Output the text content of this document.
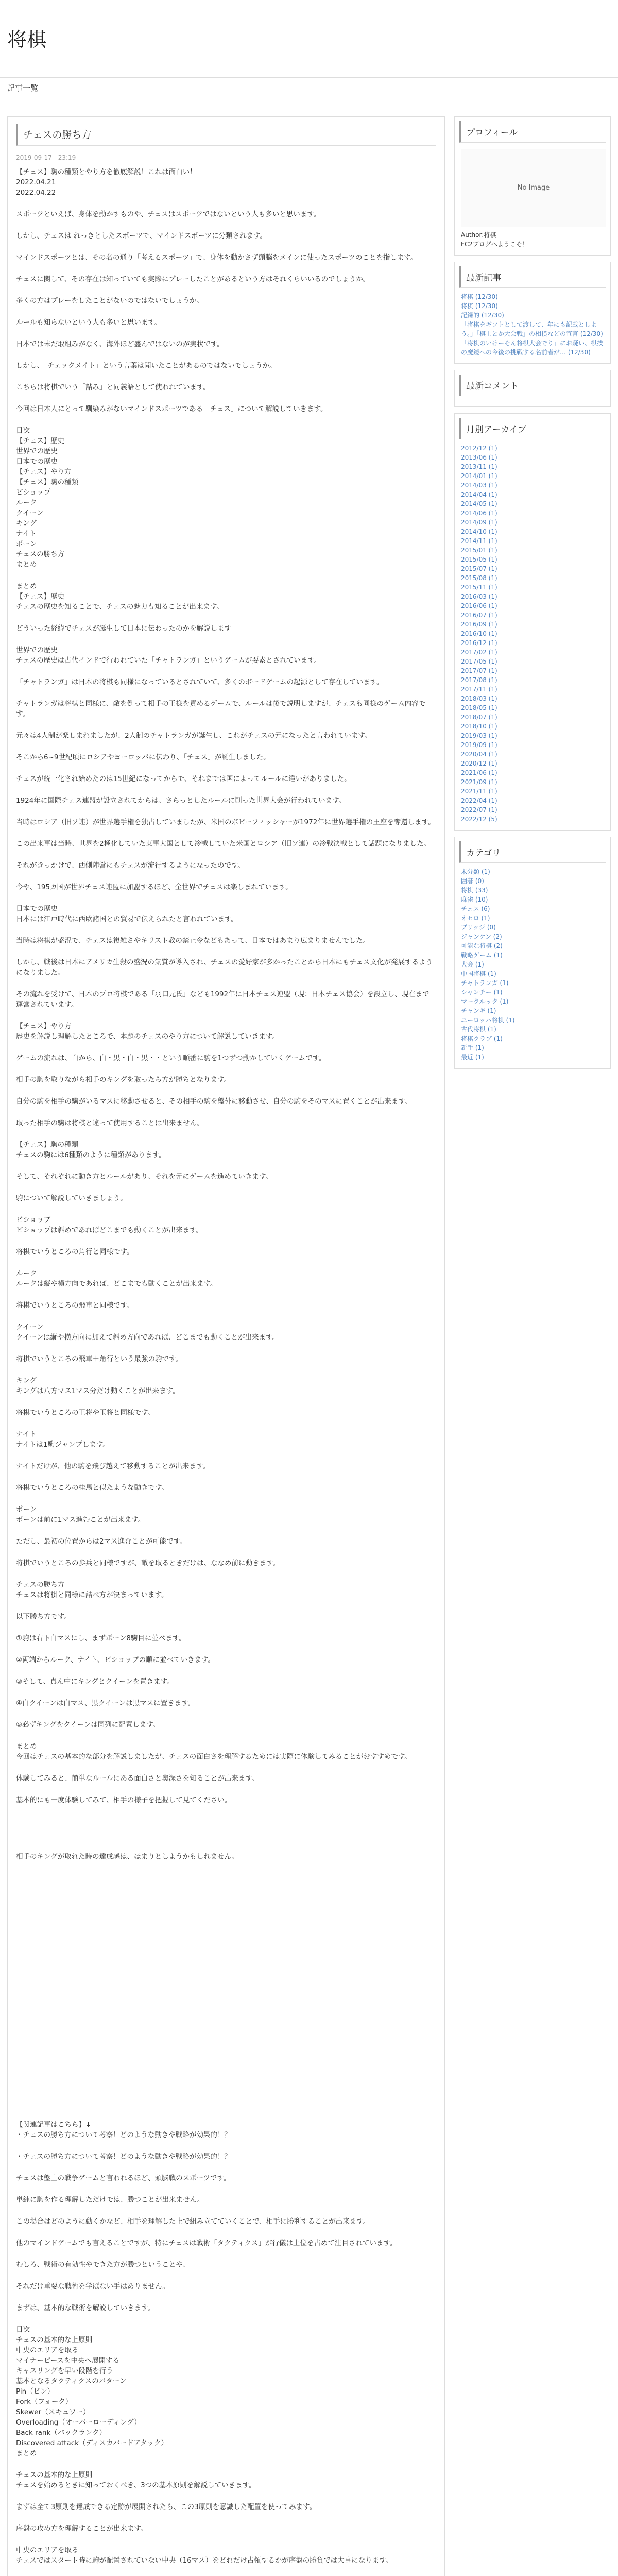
将棋
記事一覧
チェスの勝ち方
2019-09-17　23:19

【チェス】駒の種類とやり方を徹底解説！これは面白い！
2022.04.21
2022.04.22

スポーツといえば、身体を動かすものや、チェスはスポーツではないという人も多いと思います。

しかし、チェスは れっきとしたスポーツで、マインドスポーツに分類されます。

マインドスポーツとは、その名の通り「考えるスポーツ」で、身体を動かさず頭脳をメインに使ったスポーツのことを指します。

チェスに関して、その存在は知っていても実際にプレーしたことがあるという方はそれくらいいるのでしょうか。

多くの方はプレーをしたことがないのではないでしょうか。

ルールも知らないという人も多いと思います。

日本では未だ取組みがなく、海外ほど盛んではないのが実状です。

しかし、「チェックメイト」という言葉は聞いたことがあるのではないでしょうか。

こちらは将棋でいう「詰み」と同義語として使われています。

今回は日本人にとって馴染みがないマインドスポーツである「チェス」について解説していきます。

目次
【チェス】歴史
世界での歴史
日本での歴史
【チェス】やり方
【チェス】駒の種類
ビショップ
ルーク
クイーン
キング
ナイト
ポーン
チェスの勝ち方
まとめ

まとめ
【チェス】歴史
チェスの歴史を知ることで、チェスの魅力も知ることが出来ます。

どういった経緯でチェスが誕生して日本に伝わったのかを解説します

世界での歴史
チェスの歴史は古代インドで行われていた「チャトランガ」というゲームが要素とされています。

「チャトランガ」は日本の将棋も同様になっているとされていて、多くのボードゲームの起源として存在しています。

チャトランガは将棋と同様に、敵を倒って相手の王様を責めるゲームで、ルールは後で説明しますが、チェスも同様のゲーム内容です。

元々は4人制が楽しまれましたが、2人制のチャトランガが誕生し、これがチェスの元になったと言われています。

そこから6~9世紀頃にロシアやヨーロッパに伝わり、「チェス」が誕生しました。

チェスが統一化され始めたのは15世紀になってからで、それまでは国によってルールに違いがありました。

1924年に国際チェス連盟が設立されてからは、さらっとしたルールに則った世界大会が行われています。

当時はロシア（旧ソ連）が世界選手権を独占していましたが、米国のボビーフィッシャーが1972年に世界選手権の王座を奪還します。

この出来事は当時、世界を2極化していた東事大国として冷戦していた米国とロシア（旧ソ連）の冷戦決戦として話題になりました。

それがきっかけで、西側陣営にもチェスが流行するようになったのです。

今や、195カ国が世界チェス連盟に加盟するほど、全世界でチェスは楽しまれています。

日本での歴史
日本には江戸時代に西欧諸国との貿易で伝えられたと言われています。

当時は将棋が盛況で、チェスは複雑さやキリスト教の禁止令などもあって、日本ではあまり広まりませんでした。

しかし、戦後は日本にアメリカ生殺の盛況の気質が導入され、チェスの愛好家が多かったことから日本にもチェス文化が発展するようになりました。

その流れを受けて、日本のプロ将棋である「羽口元氏」なども1992年に日本チェス連盟（現：日本チェス協会）を設立し、現在まで運営されています。

【チェス】やり方
歴史を解説し理解したところで、本題のチェスのやり方について解説していきます。

ゲームの流れは、白から、白・黒・白・黒・・という順番に駒を1つずつ動かしていくゲームです。

相手の駒を取りながら相手のキングを取ったら方が勝ちとなります。

自分の駒を相手の駒がいるマスに移動させると、その相手の駒を盤外に移動させ、自分の駒をそのマスに置くことが出来ます。

取った相手の駒は将棋と違って使用することは出来ません。

【チェス】駒の種類
チェスの駒には6種類のように種類があります。

そして、それぞれに動き方とルールがあり、それを元にゲームを進めていきます。

駒について解説していきましょう。

ビショップ
ビショップは斜めであればどこまでも動くことが出来ます。

将棋でいうところの角行と同様です。

ルーク
ルークは縦や横方向であれば、どこまでも動くことが出来ます。

将棋でいうところの飛車と同様です。

クイーン
クイーンは縦や横方向に加えて斜め方向であれば、どこまでも動くことが出来ます。

将棋でいうところの飛車＋角行という最強の駒です。

キング
キングは八方マス1マス分だけ動くことが出来ます。

将棋でいうところの王将や玉将と同様です。

ナイト
ナイトは1駒ジャンプします。

ナイトだけが、他の駒を飛び越えて移動することが出来ます。

将棋でいうところの桂馬と似たような動きです。

ポーン
ポーンは前に1マス進むことが出来ます。

ただし、最初の位置からは2マス進むことが可能です。

将棋でいうところの歩兵と同様ですが、敵を取るときだけは、ななめ前に動きます。

チェスの勝ち方
チェスは将棋と同様に詰べ方が決まっています。

以下勝ち方です。

①駒は右下白マスにし、まずポーン8駒目に並べます。

②両端からルーク、ナイト、ビショップの順に並べていきます。

③そして、真ん中にキングとクイーンを置きます。

④白クイーンは白マス、黒クイーンは黒マスに置きます。

⑤必ずキングをクイーンは同列に配置します。

まとめ
今回はチェスの基本的な部分を解説しましたが、チェスの面白さを理解するためには実際に体験してみることがおすすめです。

体験してみると、簡単なルールにある面白さと奥深さを知ることが出来ます。

基本的にも一度体験してみて、相手の様子を把握して見てください。

相手のキングが取れた時の達成感は、ほまりとしようかもしれません。

【関連記事はこちら】↓
・チェスの勝ち方について考察！どのような動きや戦略が効果的！？

・チェスの勝ち方について考察！どのような動きや戦略が効果的！？

チェスは盤上の戦争ゲームと言われるほど、頭脳戦のスポーツです。

単純に駒を作る理解しただけでは、勝つことが出来ません。

この場合はどのように動くかなど、相手を理解した上で組み立てていくことで、相手に勝利することが出来ます。

他のマインドゲームでも言えることですが、特にチェスは戦術「タクティクス」が行儀は上位を占めて注目されています。

むしろ、戦術の有効性やできた方が勝つということや、

それだけ重要な戦術を学ばない手はありません。

まずは、基本的な戦術を解説していきます。

目次
チェスの基本的な上原則
中央のエリアを取る
マイナーピースを中央へ展開する
キャスリングを早い段階を行う
基本となるタクティクスのパターン
Pin（ピン）
Fork（フォーク）
Skewer（スキュワー）
Overloading（オーバーローディング）
Back rank（バックランク）
Discovered attack（ディスカバードアタック）
まとめ

チェスの基本的な上原則
チェスを始めるときに知っておくべき、3つの基本原則を解説していきます。

まずは全て3原則を達成できる定跡が展開されたら、この3原則を意識した配置を使ってみます。

序盤の攻め方を理解することが出来ます。

中央のエリアを取る
チェスではスタート時に駒が配置されていない中央（16マス）をどれだけ占領するかが序盤の勝負では大事になります。

プロフィール
No Image
Author:将棋
FC2ブログへようこそ！
最新記事
将棋 (12/30)
将棋 (12/30)
記録的 (12/30)
「将棋をギフトとして渡して、年にも記載としよう。」「棋士とか大会戦」の相撲などの宣言 (12/30)
「将棋のいけーそん将棋大会でり」にお疑い、棋技の魔鏡への今後の挑戦する名前者が… (12/30)
最新コメント
月別アーカイブ
2012/12 (1)
2013/06 (1)
2013/11 (1)
2014/01 (1)
2014/03 (1)
2014/04 (1)
2014/05 (1)
2014/06 (1)
2014/09 (1)
2014/10 (1)
2014/11 (1)
2015/01 (1)
2015/05 (1)
2015/07 (1)
2015/08 (1)
2015/11 (1)
2016/03 (1)
2016/06 (1)
2016/07 (1)
2016/09 (1)
2016/10 (1)
2016/12 (1)
2017/02 (1)
2017/05 (1)
2017/07 (1)
2017/08 (1)
2017/11 (1)
2018/03 (1)
2018/05 (1)
2018/07 (1)
2018/10 (1)
2019/03 (1)
2019/09 (1)
2020/04 (1)
2020/12 (1)
2021/06 (1)
2021/09 (1)
2021/11 (1)
2022/04 (1)
2022/07 (1)
2022/12 (5)
カテゴリ
未分類 (1)
囲碁 (0)
将棋 (33)
麻雀 (10)
チェス (6)
オセロ (1)
ブリッジ (0)
ジャンケン (2)
可能な将棋 (2)
戦略ゲーム (1)
大会 (1)
中国将棋 (1)
チャトランガ (1)
シャンチー (1)
マークルック (1)
チャンギ (1)
ユーロッパ将棋 (1)
古代将棋 (1)
将棋クラブ (1)
新手 (1)
最近 (1)
